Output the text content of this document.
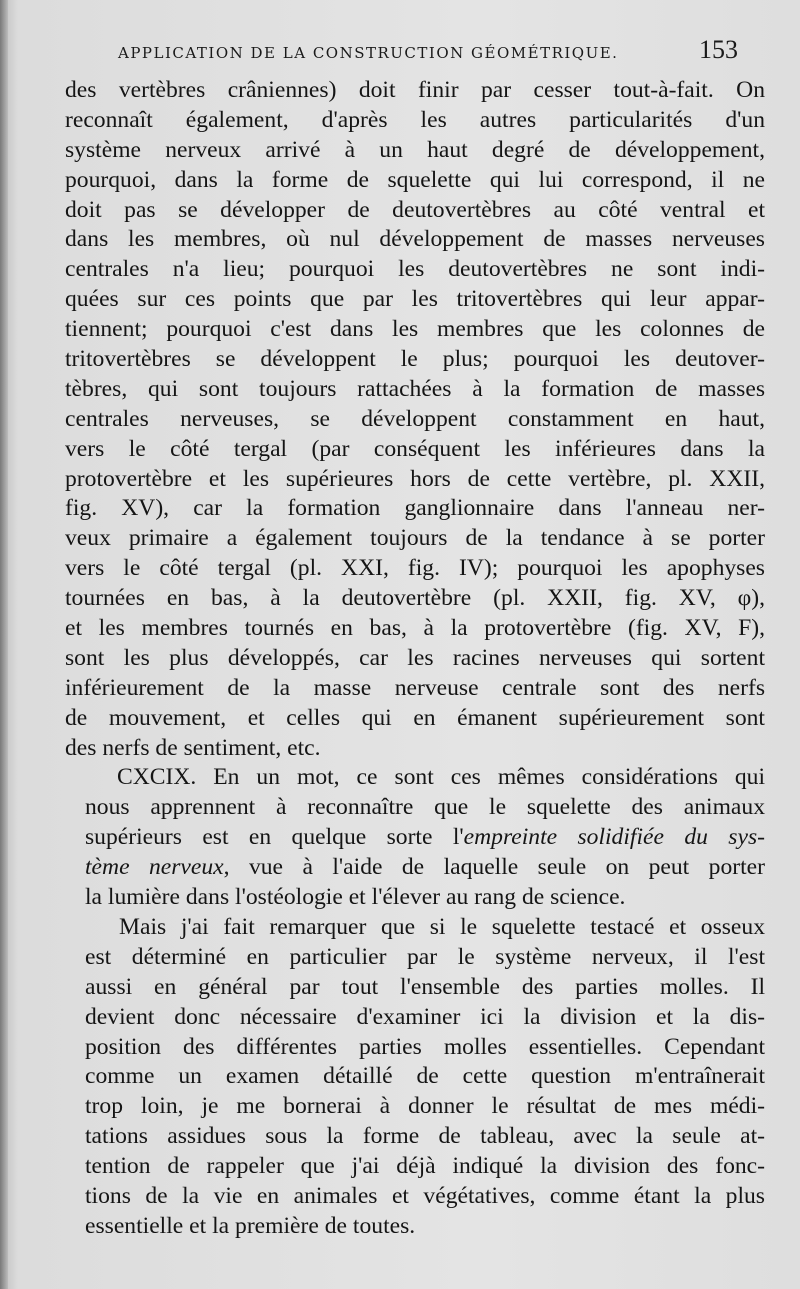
APPLICATION DE LA CONSTRUCTION GÉOMÉTRIQUE.	153
des vertèbres crâniennes) doit finir par cesser tout-à-fait. On
reconnaît également, d'après les autres particularités d'un
système nerveux arrivé à un haut degré de développement,
pourquoi, dans la forme de squelette qui lui correspond, il ne
doit pas se développer de deutovertèbres au côté ventral et
dans les membres, où nul développement de masses nerveuses
centrales n'a lieu; pourquoi les deutovertèbres ne sont indi-
quées sur ces points que par les tritovertèbres qui leur appar-
tiennent; pourquoi c'est dans les membres que les colonnes de
tritovertèbres se développent le plus; pourquoi les deutover-
tèbres, qui sont toujours rattachées à la formation de masses
centrales nerveuses, se développent constamment en haut,
vers le côté tergal (par conséquent les inférieures dans la
protovertèbre et les supérieures hors de cette vertèbre, pl. XXII,
fig. XV), car la formation ganglionnaire dans l'anneau ner-
veux primaire a également toujours de la tendance à se porter
vers le côté tergal (pl. XXI, fig. IV); pourquoi les apophyses
tournées en bas, à la deutovertèbre (pl. XXII, fig. XV, φ),
et les membres tournés en bas, à la protovertèbre (fig. XV, F),
sont les plus développés, car les racines nerveuses qui sortent
inférieurement de la masse nerveuse centrale sont des nerfs
de mouvement, et celles qui en émanent supérieurement sont
des nerfs de sentiment, etc.
CXCIX. En un mot, ce sont ces mêmes considérations qui
nous apprennent à reconnaître que le squelette des animaux
supérieurs est en quelque sorte l'empreinte solidifiée du sys-
tème nerveux, vue à l'aide de laquelle seule on peut porter
la lumière dans l'ostéologie et l'élever au rang de science.
Mais j'ai fait remarquer que si le squelette testacé et osseux
est déterminé en particulier par le système nerveux, il l'est
aussi en général par tout l'ensemble des parties molles. Il
devient donc nécessaire d'examiner ici la division et la dis-
position des différentes parties molles essentielles. Cependant
comme un examen détaillé de cette question m'entraînerait
trop loin, je me bornerai à donner le résultat de mes médi-
tations assidues sous la forme de tableau, avec la seule at-
tention de rappeler que j'ai déjà indiqué la division des fonc-
tions de la vie en animales et végétatives, comme étant la plus
essentielle et la première de toutes.
